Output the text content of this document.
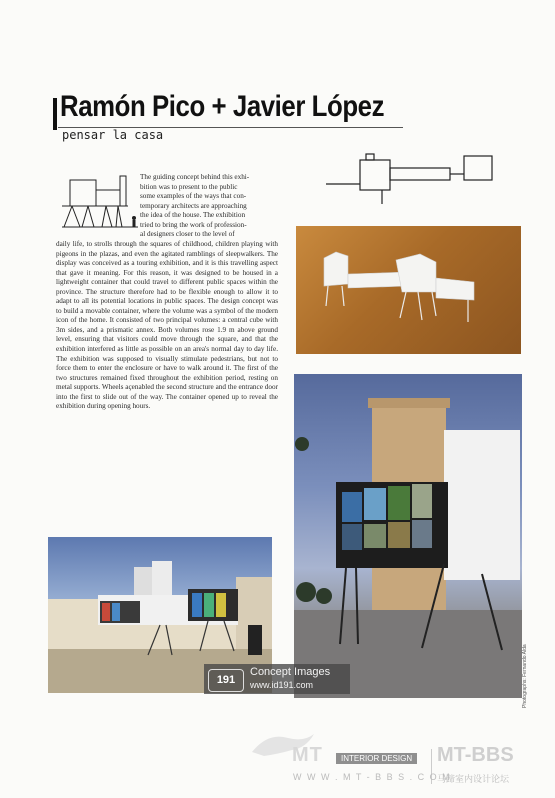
Ramón Pico + Javier López
pensar la casa
The guiding concept behind this exhi-
bition was to present to the public
some examples of the ways that con-
temporary architects are approaching
the idea of the house. The exhibition
tried to bring the work of profession-
al designers closer to the level of
daily life, to strolls through the squares of childhood, children playing with pigeons in the plazas, and even the agitated ramblings of sleepwalkers. The display was conceived as a touring exhibition, and it is this travelling aspect that gave it meaning. For this reason, it was designed to be housed in a lightweight container that could travel to different public spaces within the province. The structure therefore had to be flexible enough to allow it to adapt to all its potential locations in public spaces. The design concept was to build a movable container, where the volume was a symbol of the modern icon of the home. It consisted of two principal volumes: a central cube with 3m sides, and a prismatic annex. Both volumes rose 1.9 m above ground level, ensuring that visitors could move through the square, and that the exhibition interfered as little as possible on an area's normal day to day life. The exhibition was supposed to visually stimulate pedestrians, but not to force them to enter the enclosure or have to walk around it. The first of the two structures remained fixed throughout the exhibition period, resting on metal supports. Wheels açenabled the second structure and the entrance door into the first to slide out of the way. The container opened up to reveal the exhibition during opening hours.
191
Concept Images
www.id191.com	Photographs: Fernando Alda
MT	INTERIOR DESIGN MT-BBS
W W W . M T - B B S . C O M
马蹄室内设计论坛
